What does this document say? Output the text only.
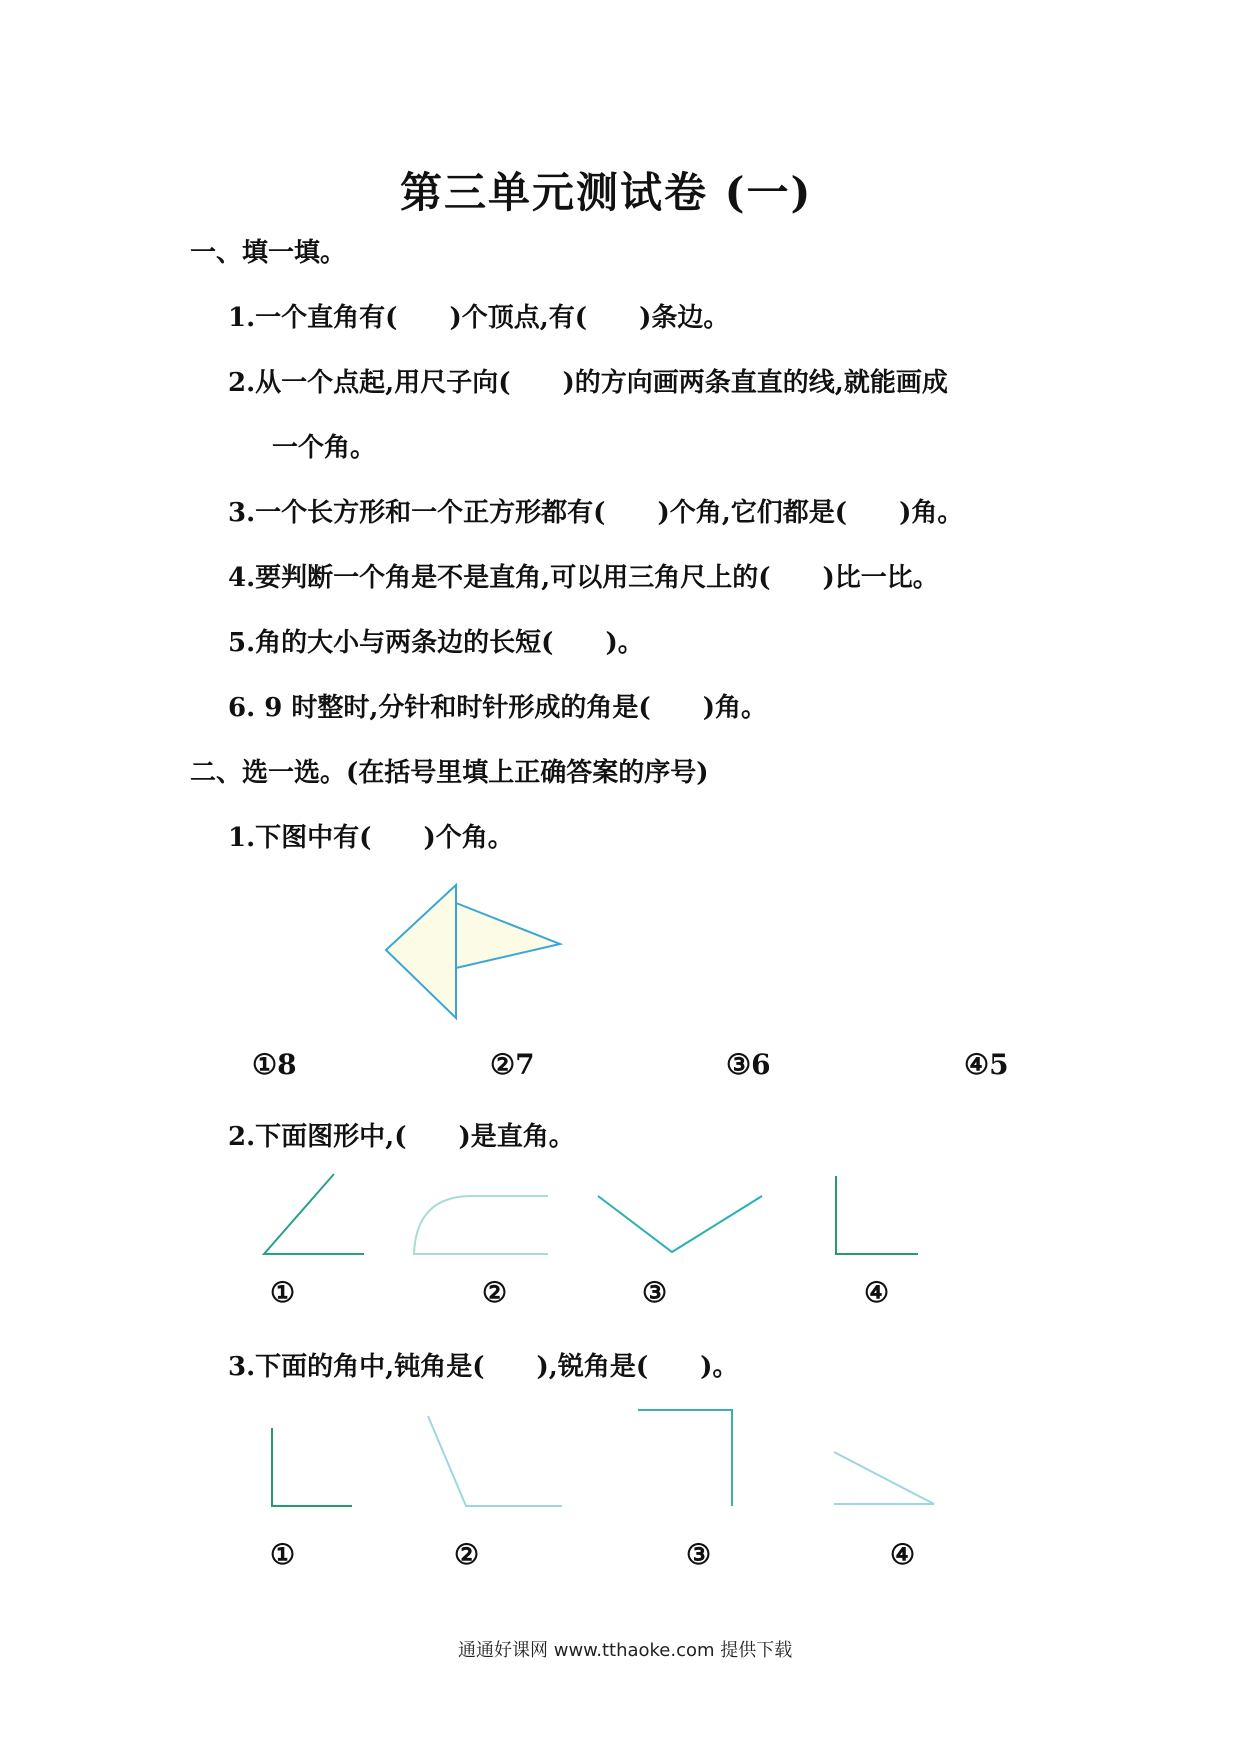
第三单元测试卷 (一)
一、填一填。
1.一个直角有(　　)个顶点,有(　　)条边。
2.从一个点起,用尺子向(　　)的方向画两条直直的线,就能画成
一个角。
3.一个长方形和一个正方形都有(　　)个角,它们都是(　　)角。
4.要判断一个角是不是直角,可以用三角尺上的(　　)比一比。
5.角的大小与两条边的长短(　　)。
6. 9 时整时,分针和时针形成的角是(　　)角。
二、选一选。(在括号里填上正确答案的序号)
1.下图中有(　　)个角。
①8	②7	③6	④5
2.下面图形中,(　　)是直角。
①	②	③	④
3.下面的角中,钝角是(　　),锐角是(　　)。
①	②	③	④
通通好课网 www.tthaoke.com 提供下载
